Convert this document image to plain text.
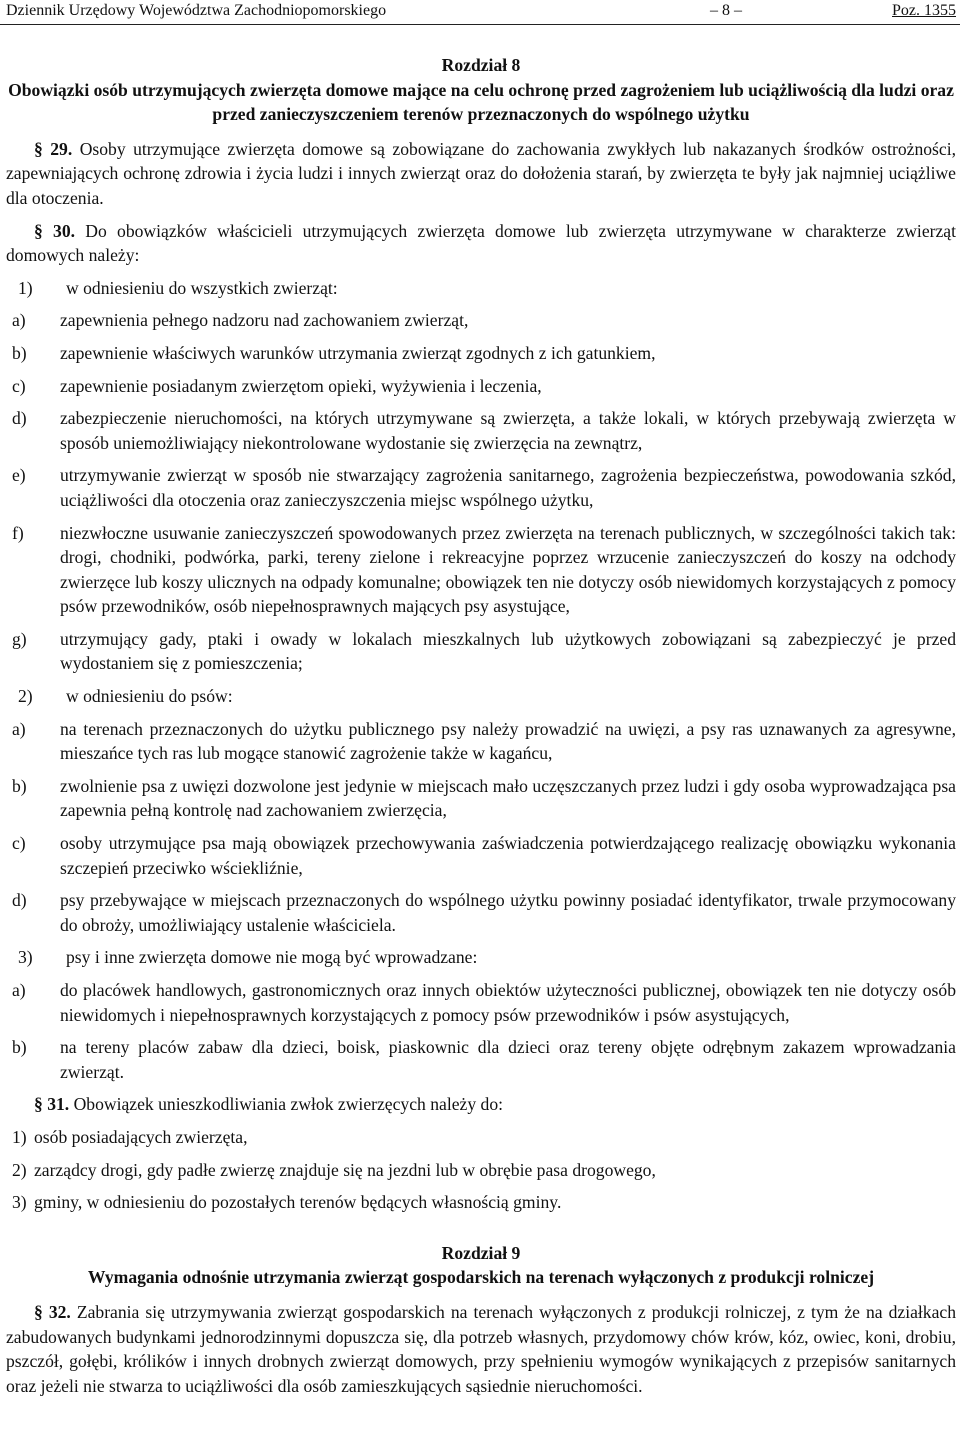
Dziennik Urzędowy Województwa Zachodniopomorskiego	– 8 –	Poz. 1355
Rozdział 8
Obowiązki osób utrzymujących zwierzęta domowe mające na celu ochronę przed zagrożeniem lub uciążliwością dla ludzi oraz przed zanieczyszczeniem terenów przeznaczonych do wspólnego użytku

§ 29. Osoby utrzymujące zwierzęta domowe są zobowiązane do zachowania zwykłych lub nakazanych środków ostrożności, zapewniających ochronę zdrowia i życia ludzi i innych zwierząt oraz do dołożenia starań, by zwierzęta te były jak najmniej uciążliwe dla otoczenia.

§ 30. Do obowiązków właścicieli utrzymujących zwierzęta domowe lub zwierzęta utrzymywane w charakterze zwierząt domowych należy:

1)	w odniesieniu do wszystkich zwierząt:
a)	zapewnienia pełnego nadzoru nad zachowaniem zwierząt,
b)	zapewnienie właściwych warunków utrzymania zwierząt zgodnych z ich gatunkiem,
c)	zapewnienie posiadanym zwierzętom opieki, wyżywienia i leczenia,
d)	zabezpieczenie nieruchomości, na których utrzymywane są zwierzęta, a także lokali, w których przebywają zwierzęta w sposób uniemożliwiający niekontrolowane wydostanie się zwierzęcia na zewnątrz,
e)	utrzymywanie zwierząt w sposób nie stwarzający zagrożenia sanitarnego, zagrożenia bezpieczeństwa, powodowania szkód, uciążliwości dla otoczenia oraz zanieczyszczenia miejsc wspólnego użytku,
f)	niezwłoczne usuwanie zanieczyszczeń spowodowanych przez zwierzęta na terenach publicznych, w szczególności takich tak: drogi, chodniki, podwórka, parki, tereny zielone i rekreacyjne poprzez wrzucenie zanieczyszczeń do koszy na odchody zwierzęce lub koszy ulicznych na odpady komunalne; obowiązek ten nie dotyczy osób niewidomych korzystających z pomocy psów przewodników, osób niepełnosprawnych mających psy asystujące,
g)	utrzymujący gady, ptaki i owady w lokalach mieszkalnych lub użytkowych zobowiązani są zabezpieczyć je przed wydostaniem się z pomieszczenia;
2)	w odniesieniu do psów:
a)	na terenach przeznaczonych do użytku publicznego psy należy prowadzić na uwięzi, a psy ras uznawanych za agresywne, mieszańce tych ras lub mogące stanowić zagrożenie także w kagańcu,
b)	zwolnienie psa z uwięzi dozwolone jest jedynie w miejscach mało uczęszczanych przez ludzi i gdy osoba wyprowadzająca psa zapewnia pełną kontrolę nad zachowaniem zwierzęcia,
c)	osoby utrzymujące psa mają obowiązek przechowywania zaświadczenia potwierdzającego realizację obowiązku wykonania szczepień przeciwko wściekliźnie,
d)	psy przebywające w miejscach przeznaczonych do wspólnego użytku powinny posiadać identyfikator, trwale przymocowany do obroży, umożliwiający ustalenie właściciela.
3)	psy i inne zwierzęta domowe nie mogą być wprowadzane:
a)	do placówek handlowych, gastronomicznych oraz innych obiektów użyteczności publicznej, obowiązek ten nie dotyczy osób niewidomych i niepełnosprawnych korzystających z pomocy psów przewodników i psów asystujących,
b)	na tereny placów zabaw dla dzieci, boisk, piaskownic dla dzieci oraz tereny objęte odrębnym zakazem wprowadzania zwierząt.

§ 31. Obowiązek unieszkodliwiania zwłok zwierzęcych należy do:

1) osób posiadających zwierzęta,
2) zarządcy drogi, gdy padłe zwierzę znajduje się na jezdni lub w obrębie pasa drogowego,
3) gminy, w odniesieniu do pozostałych terenów będących własnością gminy.
Rozdział 9
Wymagania odnośnie utrzymania zwierząt gospodarskich na terenach wyłączonych z produkcji rolniczej

§ 32. Zabrania się utrzymywania zwierząt gospodarskich na terenach wyłączonych z produkcji rolniczej, z tym że na działkach zabudowanych budynkami jednorodzinnymi dopuszcza się, dla potrzeb własnych, przydomowy chów krów, kóz, owiec, koni, drobiu, pszczół, gołębi, królików i innych drobnych zwierząt domowych, przy spełnieniu wymogów wynikających z przepisów sanitarnych oraz jeżeli nie stwarza to uciążliwości dla osób zamieszkujących sąsiednie nieruchomości.
